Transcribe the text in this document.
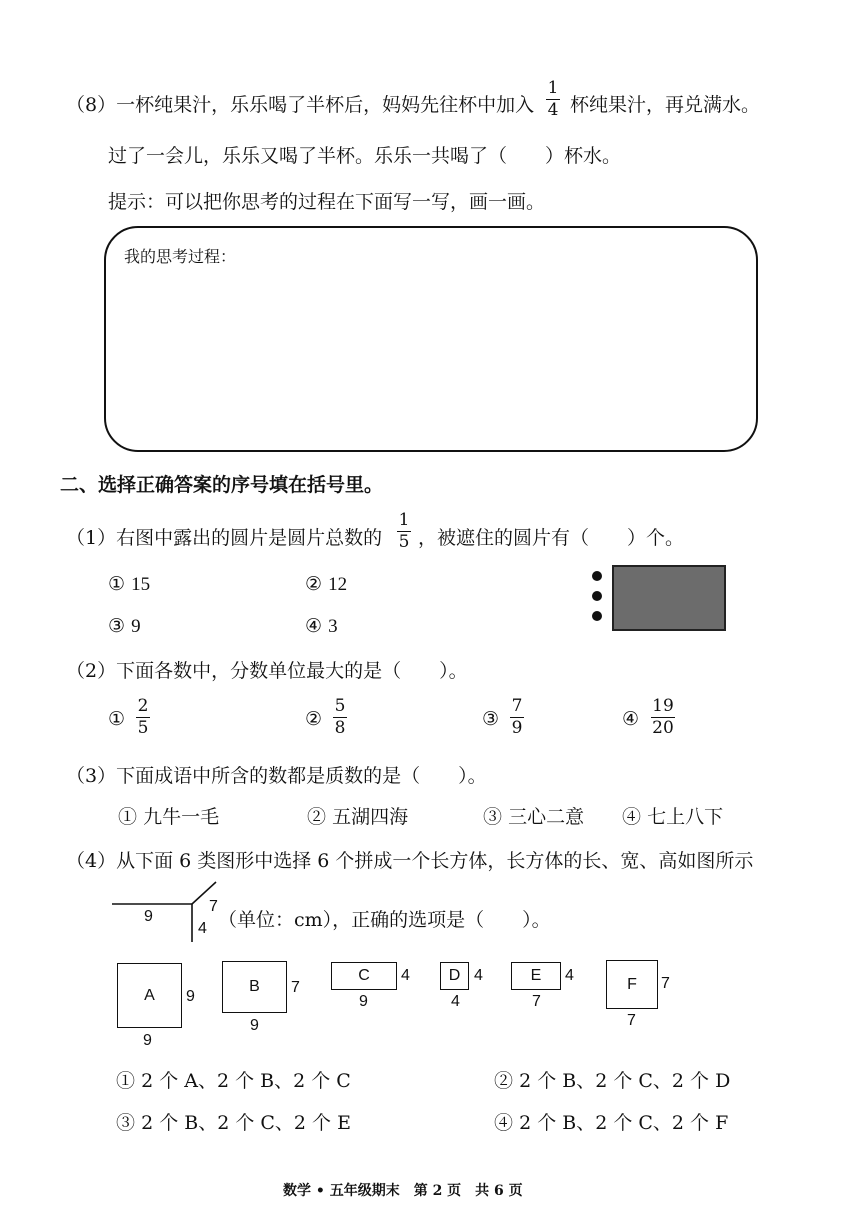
（8）一杯纯果汁，乐乐喝了半杯后，妈妈先往杯中加入
1
4 杯纯果汁，再兑满水。
过了一会儿，乐乐又喝了半杯。乐乐一共喝了（　　）杯水。
提示：可以把你思考的过程在下面写一写，画一画。
我的思考过程：
二、选择正确答案的序号填在括号里。
（1）右图中露出的圆片是圆片总数的
1
5 ，被遮住的圆片有（　　）个。
① 15	② 12
③ 9	④ 3
（2）下面各数中，分数单位最大的是（　　）。
①
2
5	②
5
8	③
7
9	④
19
20
（3）下面成语中所含的数都是质数的是（　　）。
① 九牛一毛	② 五湖四海	③ 三心二意 ④ 七上八下
（4）从下面 6 类图形中选择 6 个拼成一个长方体，长方体的长、宽、高如图所示
9
7
4 （单位：cm），正确的选项是（　　）。
A	9
9
B	7
9
C	4
9
D 4
4
E	4
7
F	7
7
① 2 个 A、2 个 B、2 个 C	② 2 个 B、2 个 C、2 个 D
③ 2 个 B、2 个 C、2 个 E	④ 2 个 B、2 个 C、2 个 F
数学 • 五年级期末　第 2 页　共 6 页
